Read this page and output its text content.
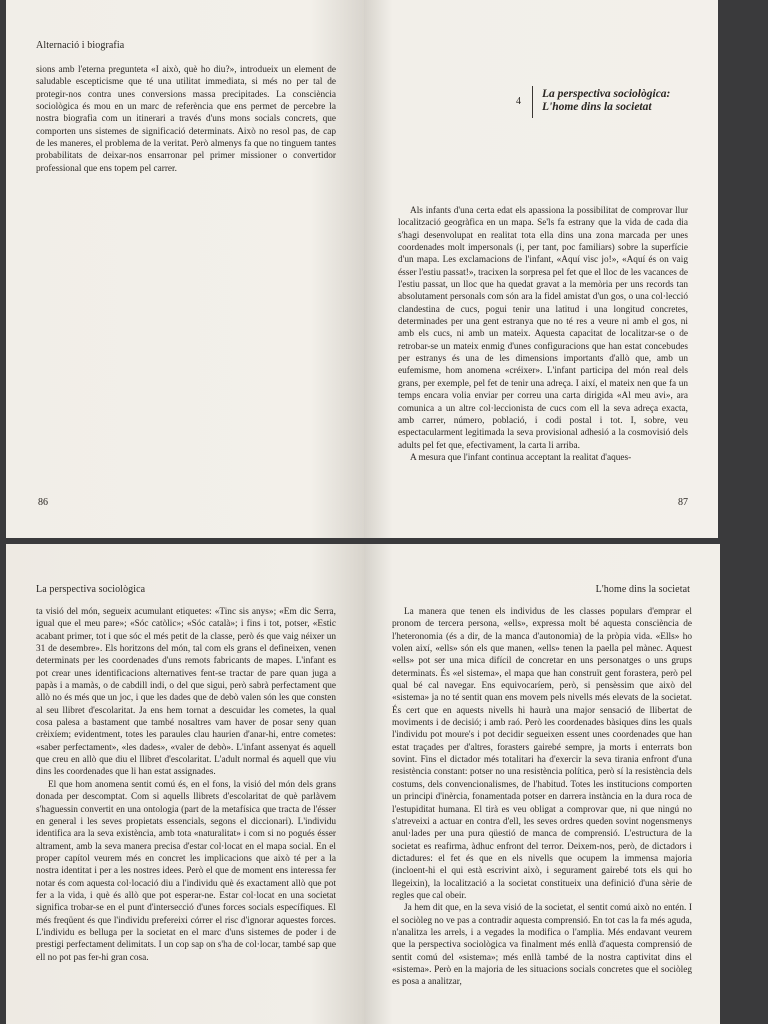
Alternació i biografia

sions amb l'eterna pregunteta «I això, què ho diu?», introdueix un element de saludable escepticisme que té una utilitat immediata, si més no per tal de protegir-nos contra unes conversions massa precipitades. La consciència sociològica és mou en un marc de referència que ens permet de percebre la nostra biografia com un itinerari a través d'uns mons socials concrets, que comporten uns sistemes de significació determinats. Això no resol pas, de cap de les maneres, el problema de la veritat. Però almenys fa que no tinguem tantes probabilitats de deixar-nos ensarronar pel primer missioner o convertidor professional que ens topem pel carrer.

86
4
La perspectiva sociològica:
L'home dins la societat

Als infants d'una certa edat els apassiona la possibilitat de comprovar llur localització geogràfica en un mapa. Se'ls fa estrany que la vida de cada dia s'hagi desenvolupat en realitat tota ella dins una zona marcada per unes coordenades molt impersonals (i, per tant, poc familiars) sobre la superfície d'un mapa. Les exclamacions de l'infant, «Aquí visc jo!», «Aquí és on vaig ésser l'estiu passat!», tracixen la sorpresa pel fet que el lloc de les vacances de l'estiu passat, un lloc que ha quedat gravat a la memòria per uns records tan absolutament personals com són ara la fidel amistat d'un gos, o una col·lecció clandestina de cucs, pogui tenir una latitud i una longitud concretes, determinades per una gent estranya que no té res a veure ni amb el gos, ni amb els cucs, ni amb un mateix. Aquesta capacitat de localitzar-se o de retrobar-se un mateix enmig d'unes configuracions que han estat concebudes per estranys és una de les dimensions importants d'allò que, amb un eufemisme, hom anomena «créixer». L'infant participa del món real dels grans, per exemple, pel fet de tenir una adreça. I així, el mateix nen que fa un temps encara volia enviar per correu una carta dirigida «Al meu avi», ara comunica a un altre col·leccionista de cucs com ell la seva adreça exacta, amb carrer, número, població, i codi postal i tot. I, sobre, veu espectacularment legitimada la seva provisional adhesió a la cosmovisió dels adults pel fet que, efectivament, la carta li arriba.

A mesura que l'infant continua acceptant la realitat d'aques-

87
La perspectiva sociològica

ta visió del món, segueix acumulant etiquetes: «Tinc sis anys»; «Em dic Serra, igual que el meu pare»; «Sóc catòlic»; «Sóc català»; i fins i tot, potser, «Estic acabant primer, tot i que sóc el més petit de la classe, però és que vaig néixer un 31 de desembre». Els horitzons del món, tal com els grans el defineixen, venen determinats per les coordenades d'uns remots fabricants de mapes. L'infant es pot crear unes identificacions alternatives fent-se tractar de pare quan juga a papàs i a mamàs, o de cabdill indi, o del que sigui, però sabrà perfectament que allò no és més que un joc, i que les dades que de debò valen són les que consten al seu llibret d'escolaritat. Ja ens hem tornat a descuidar les cometes, la qual cosa palesa a bastament que també nosaltres vam haver de posar seny quan crèixíem; evidentment, totes les paraules clau haurien d'anar-hi, entre cometes: «saber perfectament», «les dades», «valer de debò». L'infant assenyat és aquell que creu en allò que diu el llibret d'escolaritat. L'adult normal és aquell que viu dins les coordenades que li han estat assignades.

El que hom anomena sentit comú és, en el fons, la visió del món dels grans donada per descomptat. Com si aquells llibrets d'escolaritat de què parlàvem s'haguessin convertit en una ontologia (part de la metafísica que tracta de l'ésser en general i les seves propietats essencials, segons el diccionari). L'individu identifica ara la seva existència, amb tota «naturalitat» i com si no pogués ésser altrament, amb la seva manera precisa d'estar col·locat en el mapa social. En el proper capítol veurem més en concret les implicacions que això té per a la nostra identitat i per a les nostres idees. Però el que de moment ens interessa fer notar és com aquesta col·locació diu a l'individu què és exactament allò que pot fer a la vida, i què és allò que pot esperar-ne. Estar col·locat en una societat significa trobar-se en el punt d'intersecció d'unes forces socials específiques. El més freqüent és que l'individu prefereixi córrer el risc d'ignorar aquestes forces. L'individu es belluga per la societat en el marc d'uns sistemes de poder i de prestigi perfectament delimitats. I un cop sap on s'ha de col·locar, també sap que ell no pot pas fer-hi gran cosa.

L'home dins la societat

La manera que tenen els individus de les classes populars d'emprar el pronom de tercera persona, «ells», expressa molt bé aquesta consciència de l'heteronomia (és a dir, de la manca d'autonomia) de la pròpia vida. «Ells» ho volen així, «ells» són els que manen, «ells» tenen la paella pel mànec. Aquest «ells» pot ser una mica difícil de concretar en uns personatges o uns grups determinats. És «el sistema», el mapa que han construït gent forastera, però pel qual bé cal navegar. Ens equivocaríem, però, si pensèssim que això del «sistema» ja no té sentit quan ens movem pels nivells més elevats de la societat. És cert que en aquests nivells hi haurà una major sensació de llibertat de moviments i de decisió; i amb raó. Però les coordenades bàsiques dins les quals l'individu pot moure's i pot decidir segueixen essent unes coordenades que han estat traçades per d'altres, forasters gairebé sempre, ja morts i enterrats bon sovint. Fins el dictador més totalitari ha d'exercir la seva tirania enfront d'una resistència constant: potser no una resistència política, però sí la resistència dels costums, dels convencionalismes, de l'habitud. Totes les institucions comporten un principi d'inèrcia, fonamentada potser en darrera instància en la dura roca de l'estupiditat humana. El tirà es veu obligat a comprovar que, ni que ningú no s'atreveixi a actuar en contra d'ell, les seves ordres queden sovint nogensmenys anul·lades per una pura qüestió de manca de comprensió. L'estructura de la societat es reafirma, àdhuc enfront del terror. Deixem-nos, però, de dictadors i dictadures: el fet és que en els nivells que ocupem la immensa majoria (incloent-hi el qui està escrivint això, i segurament gairebé tots els qui ho llegeixin), la localització a la societat constitueix una definició d'una sèrie de regles que cal obeir.

Ja hem dit que, en la seva visió de la societat, el sentit comú això no entén. I el sociòleg no ve pas a contradir aquesta comprensió. En tot cas la fa més aguda, n'analitza les arrels, i a vegades la modifica o l'amplia. Més endavant veurem que la perspectiva sociològica va finalment més enllà d'aquesta comprensió de sentit comú del «sistema»; més enllà també de la nostra captivitat dins el «sistema». Però en la majoria de les situacions socials concretes que el sociòleg es posa a analitzar,
